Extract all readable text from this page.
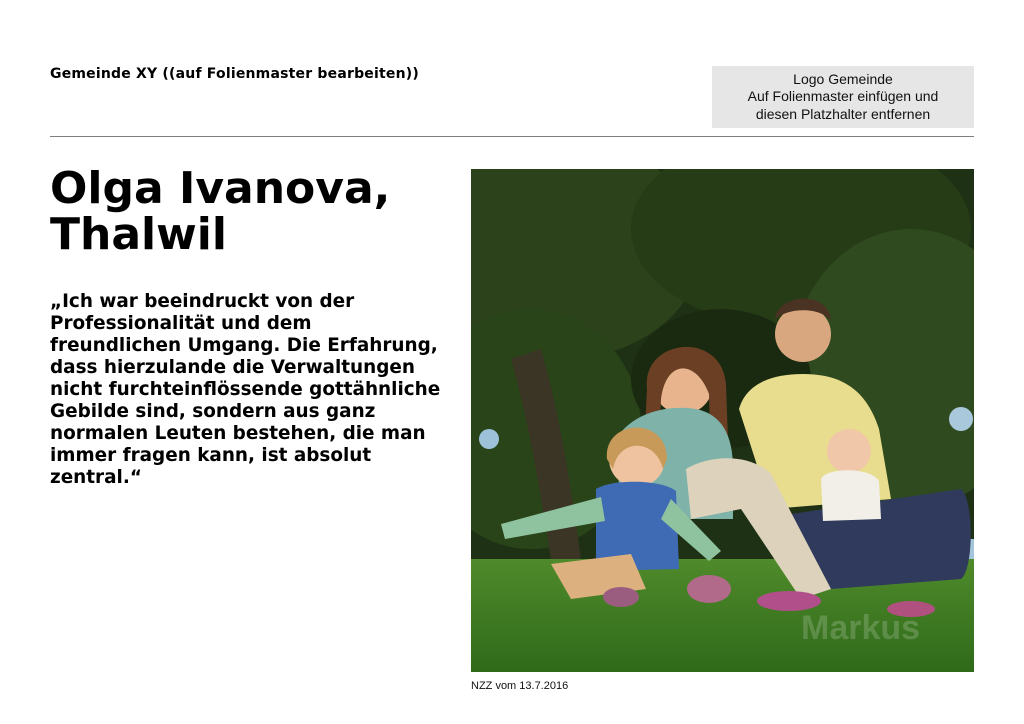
Gemeinde XY ((auf Folienmaster bearbeiten))	Logo Gemeinde
Auf Folienmaster einfügen und
diesen Platzhalter entfernen
Olga Ivanova,
Thalwil
„Ich war beeindruckt von der
Professionalität und dem
freundlichen Umgang. Die Erfahrung,
dass hierzulande die Verwaltungen
nicht furchteinflössende gottähnliche
Gebilde sind, sondern aus ganz
normalen Leuten bestehen, die man
immer fragen kann, ist absolut
zentral.“
Markus
NZZ vom 13.7.2016
